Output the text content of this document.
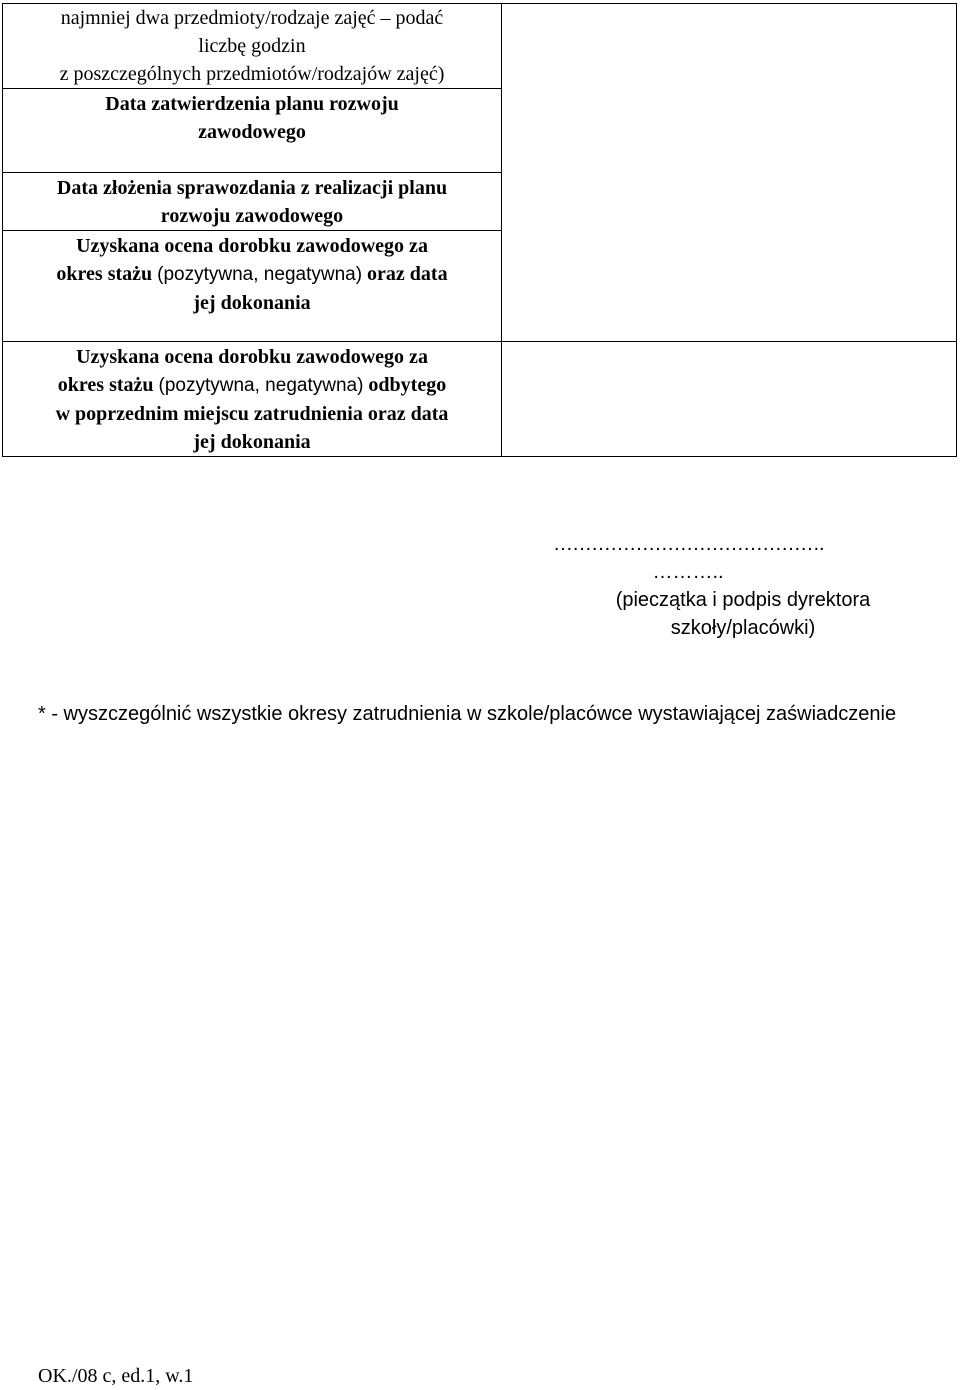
najmniej dwa przedmioty/rodzaje zajęć – podać
liczbę godzin
z poszczególnych przedmiotów/rodzajów zajęć)	

Data zatwierdzenia planu rozwoju
zawodowego	

Data złożenia sprawozdania z realizacji planu
rozwoju zawodowego	

Uzyskana ocena dorobku zawodowego za
okres stażu (pozytywna, negatywna) oraz data
jej dokonania	

Uzyskana ocena dorobku zawodowego za
okres stażu (pozytywna, negatywna) odbytego
w poprzednim miejscu zatrudnienia oraz data
jej dokonania	

…………………………………….
………..
(pieczątka i podpis dyrektora
szkoły/placówki)
* - wyszczególnić wszystkie okresy zatrudnienia w szkole/placówce wystawiającej zaświadczenie
OK./08 c, ed.1, w.1
